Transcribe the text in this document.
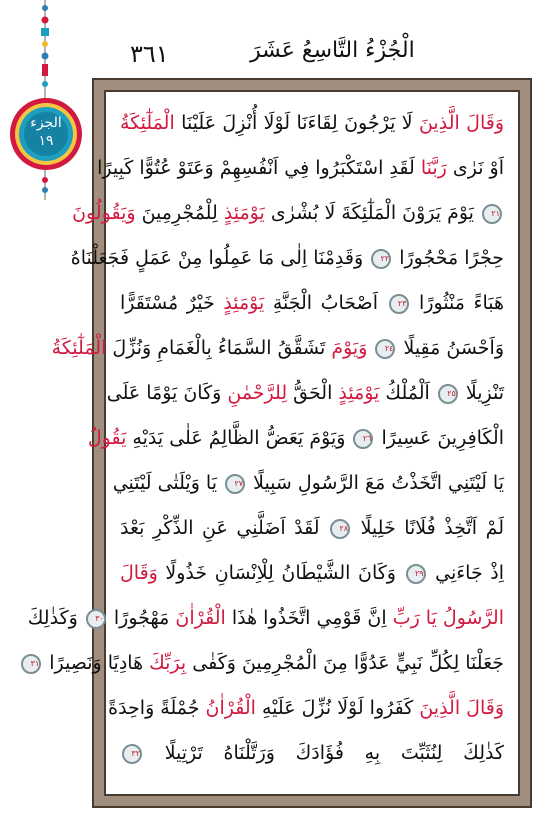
الجزء
١٩
٣٦١	الْجُزْءُ التَّاسِعُ عَشَرَ
وَقَالَ الَّذِينَ لَا يَرْجُونَ لِقَاءَنَا لَوْلَا أُنْزِلَ عَلَيْنَا الْمَلٰٓئِكَةُ
اَوْ نَرٰى رَبَّنَا لَقَدِ اسْتَكْبَرُوا فِي اَنْفُسِهِمْ وَعَتَوْ عُتُوًّا كَبِيرًا
٢١ يَوْمَ يَرَوْنَ الْمَلٰٓئِكَةَ لَا بُشْرٰى يَوْمَئِذٍ لِلْمُجْرِمِينَ وَيَقُولُونَ
حِجْرًا مَحْجُورًا ٢٢ وَقَدِمْنَا اِلٰى مَا عَمِلُوا مِنْ عَمَلٍ فَجَعَلْنَاهُ
هَبَاءً مَنْثُورًا ٢٣ اَصْحَابُ الْجَنَّةِ يَوْمَئِذٍ خَيْرٌ مُسْتَقَرًّا
وَاَحْسَنُ مَقِيلًا ٢٤ وَيَوْمَ تَشَقَّقُ السَّمَاءُ بِالْغَمَامِ وَنُزِّلَ الْمَلٰٓئِكَةُ
تَنْزِيلًا ٢٥ اَلْمُلْكُ يَوْمَئِذٍ الْحَقُّ لِلرَّحْمٰنِ وَكَانَ يَوْمًا عَلَى
الْكَافِرِينَ عَسِيرًا ٢٦ وَيَوْمَ يَعَضُّ الظَّالِمُ عَلٰى يَدَيْهِ يَقُولُ
يَا لَيْتَنِي اتَّخَذْتُ مَعَ الرَّسُولِ سَبِيلًا ٢٧ يَا وَيْلَتٰى لَيْتَنِي
لَمْ اَتَّخِذْ فُلَانًا خَلِيلًا ٢٨ لَقَدْ اَضَلَّنِي عَنِ الذِّكْرِ بَعْدَ
اِذْ جَاءَنِي ٢٩ وَكَانَ الشَّيْطَانُ لِلْاِنْسَانِ خَذُولًا وَقَالَ
الرَّسُولُ يَا رَبِّ اِنَّ قَوْمِي اتَّخَذُوا هٰذَا الْقُرْاٰنَ مَهْجُورًا ٣٠ وَكَذٰلِكَ
جَعَلْنَا لِكُلِّ نَبِيٍّ عَدُوًّا مِنَ الْمُجْرِمِينَ وَكَفٰى بِرَبِّكَ هَادِيًا وَنَصِيرًا ٣١
وَقَالَ الَّذِينَ كَفَرُوا لَوْلَا نُزِّلَ عَلَيْهِ الْقُرْاٰنُ جُمْلَةً وَاحِدَةً
كَذٰلِكَ لِنُثَبِّتَ بِهِ فُؤَادَكَ وَرَتَّلْنَاهُ تَرْتِيلًا ٣٢
